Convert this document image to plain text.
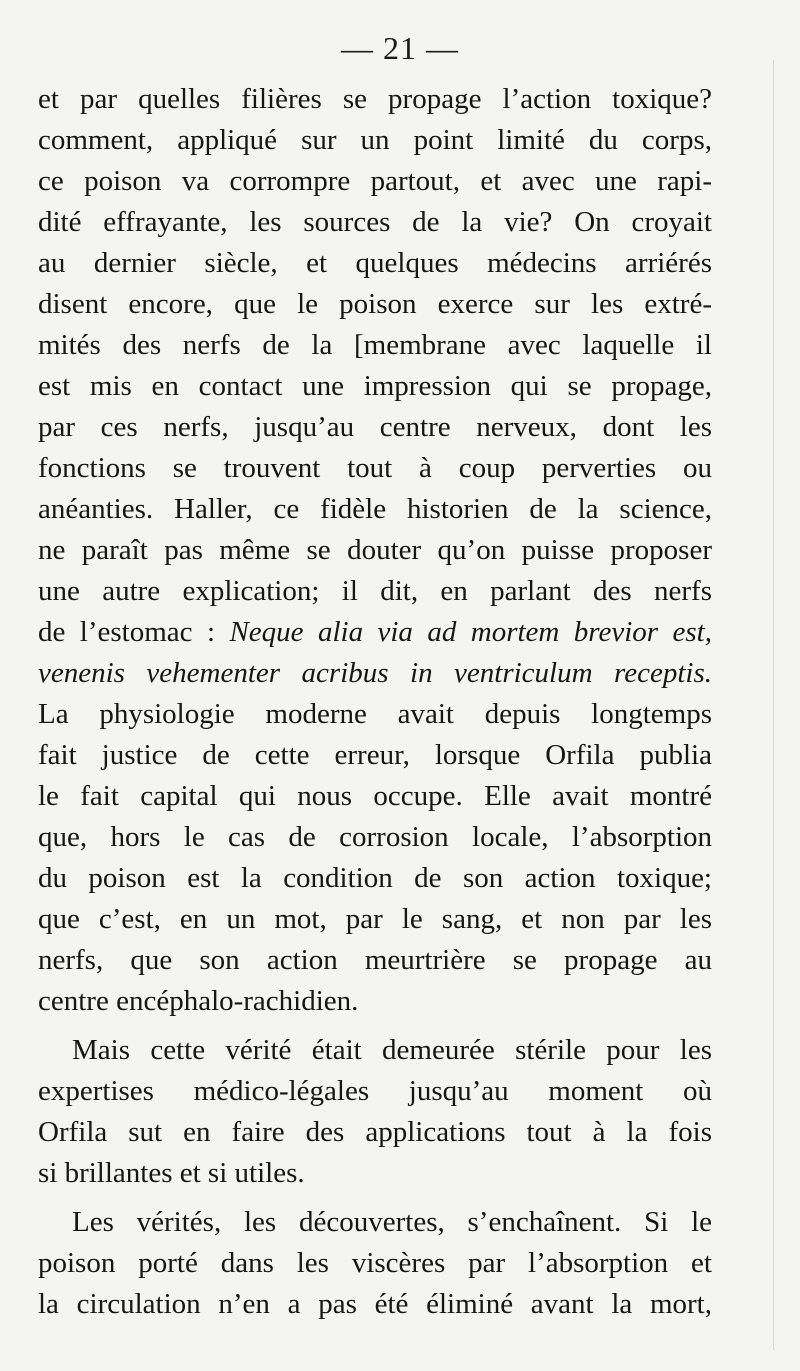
— 21 —
et par quelles filières se propage l’action toxique?
comment, appliqué sur un point limité du corps,
ce poison va corrompre partout, et avec une rapi-
dité effrayante, les sources de la vie? On croyait
au dernier siècle, et quelques médecins arriérés
disent encore, que le poison exerce sur les extré-
mités des nerfs de la [membrane avec laquelle il
est mis en contact une impression qui se propage,
par ces nerfs, jusqu’au centre nerveux, dont les
fonctions se trouvent tout à coup perverties ou
anéanties. Haller, ce fidèle historien de la science,
ne paraît pas même se douter qu’on puisse proposer
une autre explication; il dit, en parlant des nerfs
de l’estomac : Neque alia via ad mortem brevior est,
venenis vehementer acribus in ventriculum receptis.
La physiologie moderne avait depuis longtemps
fait justice de cette erreur, lorsque Orfila publia
le fait capital qui nous occupe. Elle avait montré
que, hors le cas de corrosion locale, l’absorption
du poison est la condition de son action toxique;
que c’est, en un mot, par le sang, et non par les
nerfs, que son action meurtrière se propage au
centre encéphalo-rachidien.
Mais cette vérité était demeurée stérile pour les
expertises médico-légales jusqu’au moment où
Orfila sut en faire des applications tout à la fois
si brillantes et si utiles.
Les vérités, les découvertes, s’enchaînent. Si le
poison porté dans les viscères par l’absorption et
la circulation n’en a pas été éliminé avant la mort,
